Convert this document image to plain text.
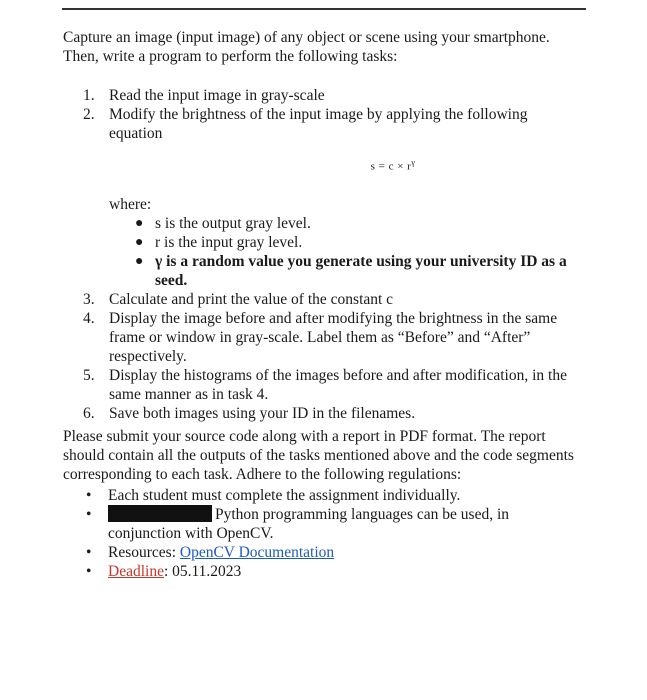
Capture an image (input image) of any object or scene using your smartphone.
Then, write a program to perform the following tasks:
1. Read the input image in gray-scale
2. Modify the brightness of the input image by applying the following equation
$s = c \times r^\gamma$
where:
● s is the output gray level.
● r is the input gray level.
● γ is a random value you generate using your university ID as a seed.
3. Calculate and print the value of the constant c
4. Display the image before and after modifying the brightness in the same frame or window in gray-scale. Label them as “Before” and “After” respectively.
5. Display the histograms of the images before and after modification, in the same manner as in task 4.
6. Save both images using your ID in the filenames.
Please submit your source code along with a report in PDF format. The report should contain all the outputs of the tasks mentioned above and the code segments corresponding to each task. Adhere to the following regulations:
•	Each student must complete the assignment individually.
•	Python programming languages can be used, in
conjunction with OpenCV.
•	Resources: OpenCV Documentation
•	Deadline: 05.11.2023
